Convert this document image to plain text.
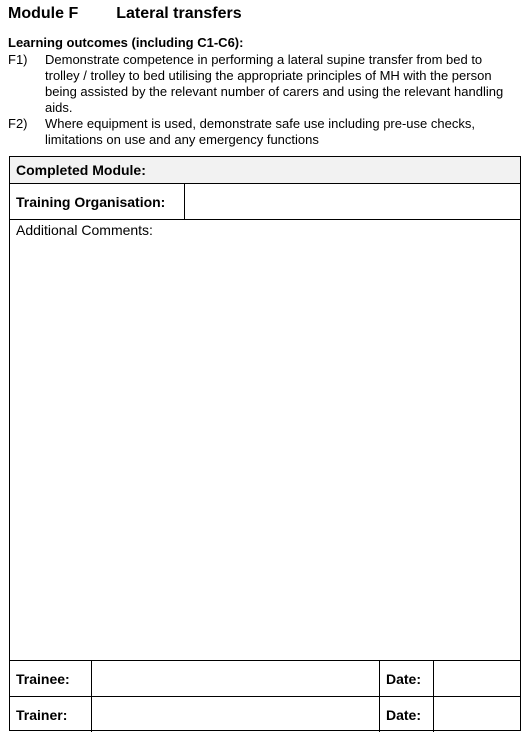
Module F Lateral transfers
Learning outcomes (including C1-C6):
F1) Demonstrate competence in performing a lateral supine transfer from bed to trolley / trolley to bed utilising the appropriate principles of MH with the person being assisted by the relevant number of carers and using the relevant handling aids.
F2) Where equipment is used, demonstrate safe use including pre-use checks, limitations on use and any emergency functions
Completed Module:
Training Organisation:
Additional Comments:
Trainee:	Date:
Trainer:	Date:
